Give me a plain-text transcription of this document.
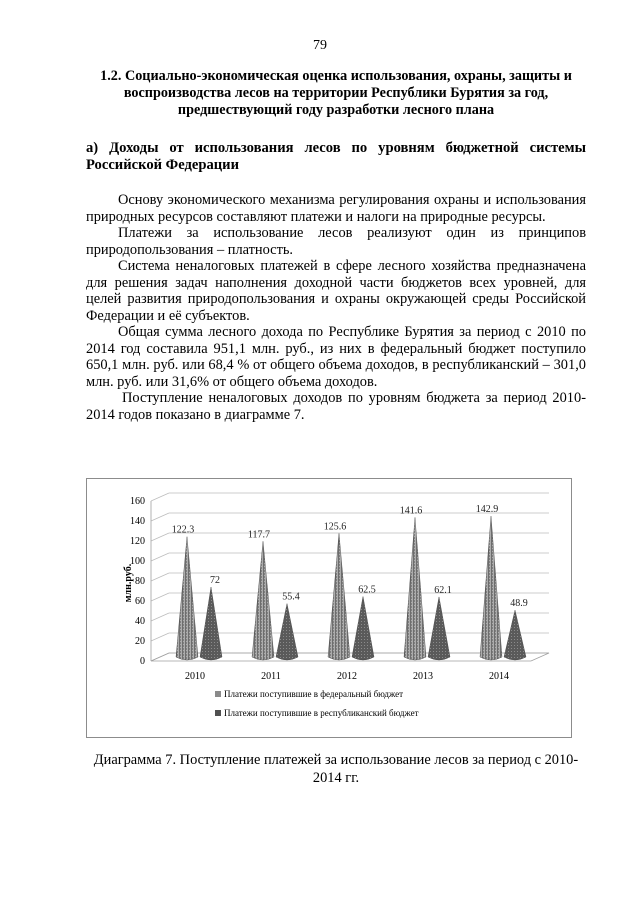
79
1.2. Социально-экономическая оценка использования, охраны, защиты и воспроизводства лесов на территории Республики Бурятия за год, предшествующий году разработки лесного плана
а) Доходы от использования лесов по уровням бюджетной системы Российской Федерации

Основу экономического механизма регулирования охраны и использования природных ресурсов составляют платежи и налоги на природные ресурсы.

Платежи за использование лесов реализуют один из принципов природопользования – платность.

Система неналоговых платежей в сфере лесного хозяйства предназначена для решения задач наполнения доходной части бюджетов всех уровней, для целей развития природопользования и охраны окружающей среды Российской Федерации и её субъектов.

Общая сумма лесного дохода по Республике Бурятия за период с 2010 по 2014 год составила 951,1 млн. руб., из них в федеральный бюджет поступило 650,1 млн. руб. или 68,4 % от общего объема доходов, в республиканский – 301,0 млн. руб. или 31,6% от общего объема доходов.

Поступление неналоговых доходов по уровням бюджета за период 2010-2014 годов показано в диаграмме 7.

0
20
40
60
80
100
120
140
160
млн.руб.
2010
122.3
72
2011
117.7
55.4
2012
125.6
62.5
2013
141.6
62.1
2014
142.9
48.9
Платежи поступившие в федеральный бюджет
Платежи поступившие в республиканский бюджет
Диаграмма 7. Поступление платежей за использование лесов за период с 2010-2014 гг.
